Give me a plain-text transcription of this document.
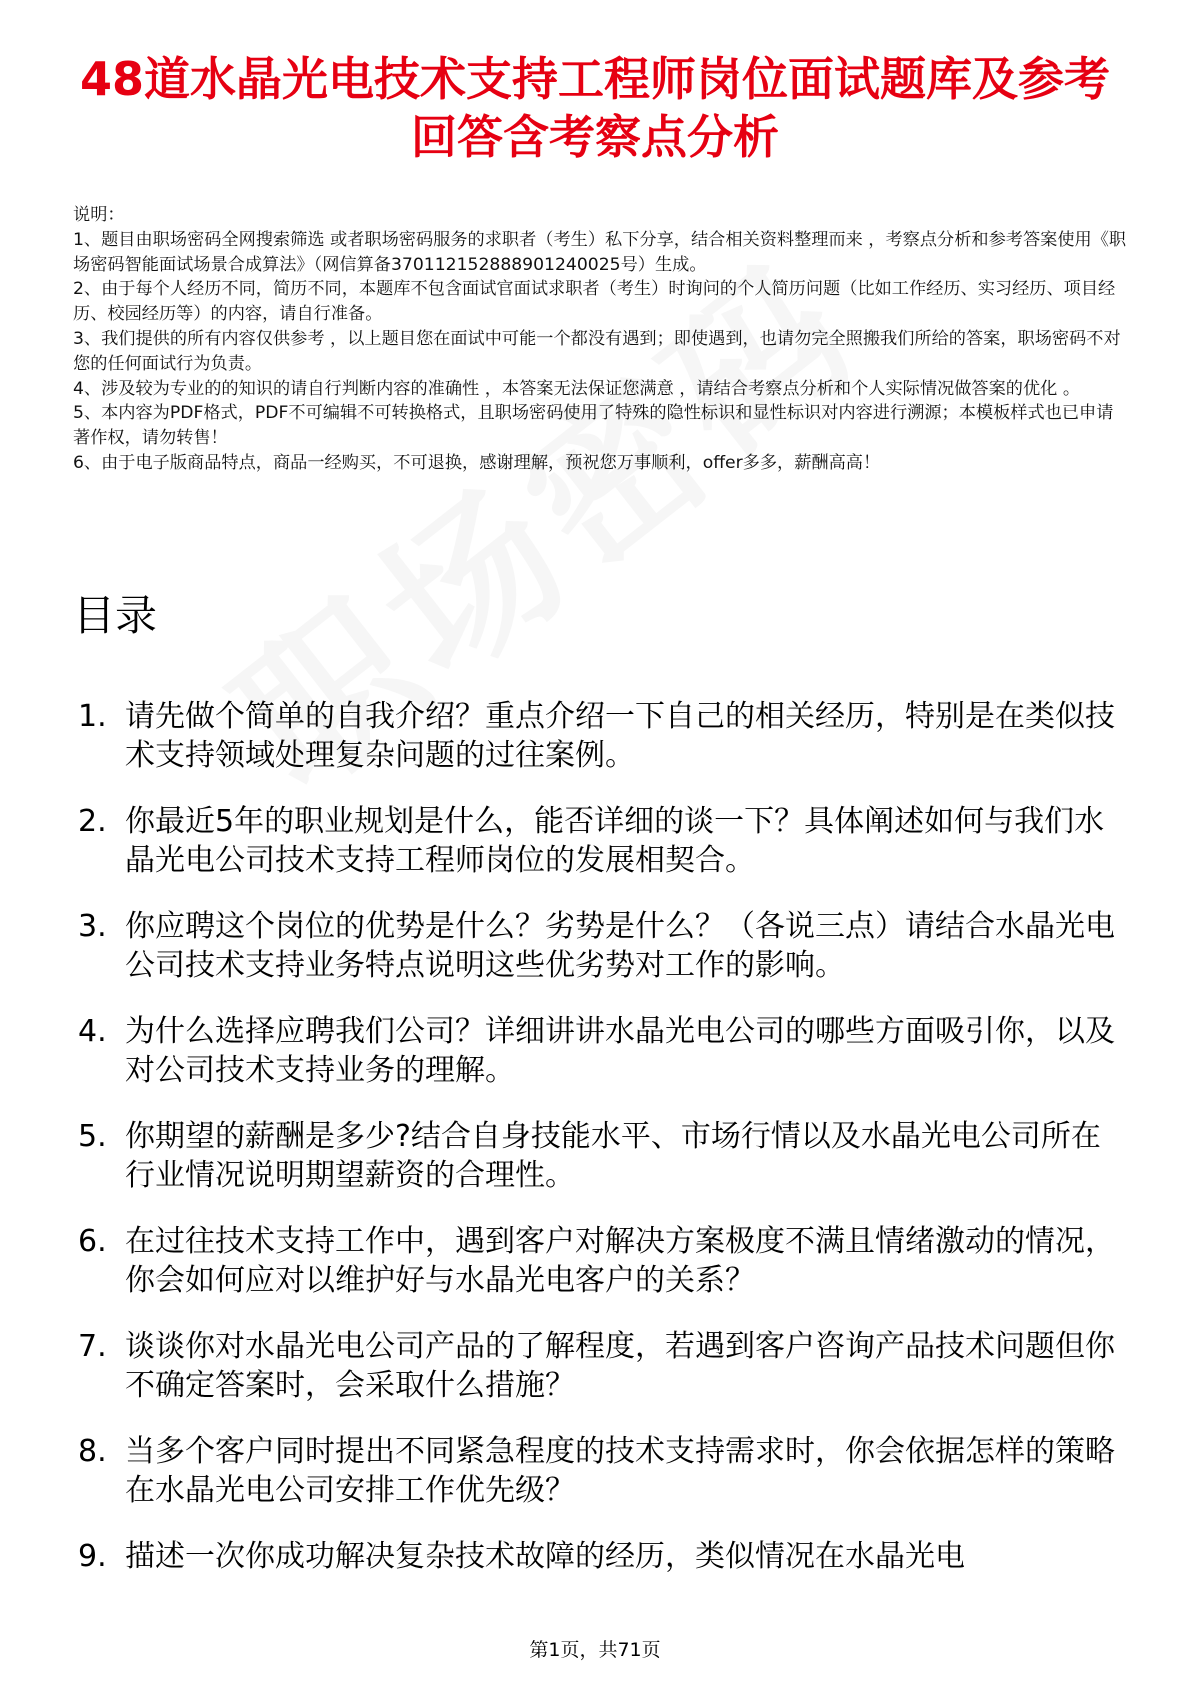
48道水晶光电技术支持工程师岗位面试题库及参考回答含考察点分析

说明：

1、题目由职场密码全网搜索筛选 或者职场密码服务的求职者（考生）私下分享，结合相关资料整理而来 ，考察点分析和参考答案使用《职场密码智能面试场景合成算法》（网信算备370112152888901240025号）生成。

2、由于每个人经历不同，简历不同，本题库不包含面试官面试求职者（考生）时询问的个人简历问题（比如工作经历、实习经历、项目经历、校园经历等）的内容，请自行准备。

3、我们提供的所有内容仅供参考 ，以上题目您在面试中可能一个都没有遇到；即使遇到，也请勿完全照搬我们所给的答案，职场密码不对您的任何面试行为负责。

4、涉及较为专业的的知识的请自行判断内容的准确性 ，本答案无法保证您满意 ，请结合考察点分析和个人实际情况做答案的优化 。

5、本内容为PDF格式，PDF不可编辑不可转换格式，且职场密码使用了特殊的隐性标识和显性标识对内容进行溯源；本模板样式也已申请著作权，请勿转售！

6、由于电子版商品特点，商品一经购买，不可退换，感谢理解，预祝您万事顺利，offer多多，薪酬高高！

目录
1. 请先做个简单的自我介绍？重点介绍一下自己的相关经历，特别是在类似技术支持领域处理复杂问题的过往案例。
2. 你最近5年的职业规划是什么，能否详细的谈一下？具体阐述如何与我们水晶光电公司技术支持工程师岗位的发展相契合。
3. 你应聘这个岗位的优势是什么？劣势是什么？（各说三点）请结合水晶光电公司技术支持业务特点说明这些优劣势对工作的影响。
4. 为什么选择应聘我们公司？详细讲讲水晶光电公司的哪些方面吸引你，以及对公司技术支持业务的理解。
5. 你期望的薪酬是多少?结合自身技能水平、市场行情以及水晶光电公司所在行业情况说明期望薪资的合理性。
6. 在过往技术支持工作中，遇到客户对解决方案极度不满且情绪激动的情况，你会如何应对以维护好与水晶光电客户的关系？
7. 谈谈你对水晶光电公司产品的了解程度，若遇到客户咨询产品技术问题但你不确定答案时，会采取什么措施？
8. 当多个客户同时提出不同紧急程度的技术支持需求时，你会依据怎样的策略在水晶光电公司安排工作优先级？
9. 描述一次你成功解决复杂技术故障的经历，类似情况在水晶光电
第1页，共71页
